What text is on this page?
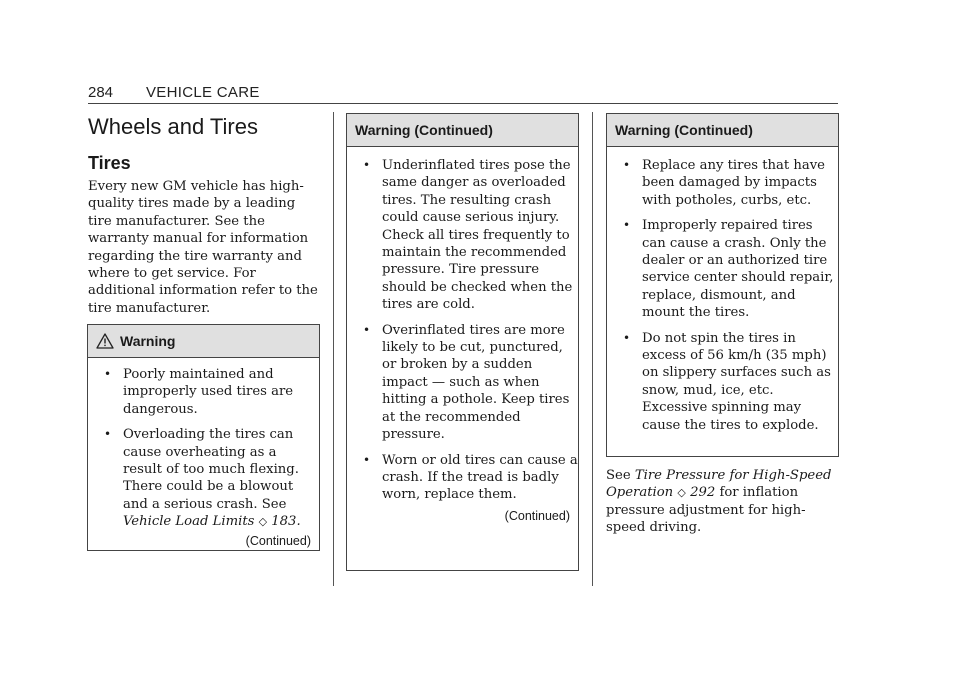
284 VEHICLE CARE
Wheels and Tires
Tires

Every new GM vehicle has high-quality tires made by a leading tire manufacturer. See the warranty manual for information regarding the tire warranty and where to get service. For additional information refer to the tire manufacturer.

Warning
• Poorly maintained and improperly used tires are dangerous.
• Overloading the tires can cause overheating as a result of too much flexing. There could be a blowout and a serious crash. See Vehicle Load Limits ◇ 183.
(Continued)
Warning (Continued)
• Underinflated tires pose the same danger as overloaded tires. The resulting crash could cause serious injury. Check all tires frequently to maintain the recommended pressure. Tire pressure should be checked when the tires are cold.
• Overinflated tires are more likely to be cut, punctured, or broken by a sudden impact — such as when hitting a pothole. Keep tires at the recommended pressure.
• Worn or old tires can cause a crash. If the tread is badly worn, replace them.
(Continued)
Warning (Continued)
• Replace any tires that have been damaged by impacts with potholes, curbs, etc.
• Improperly repaired tires can cause a crash. Only the dealer or an authorized tire service center should repair, replace, dismount, and mount the tires.
• Do not spin the tires in excess of 56 km/h (35 mph) on slippery surfaces such as snow, mud, ice, etc. Excessive spinning may cause the tires to explode.

See Tire Pressure for High-Speed Operation ◇ 292 for inflation pressure adjustment for high-speed driving.
